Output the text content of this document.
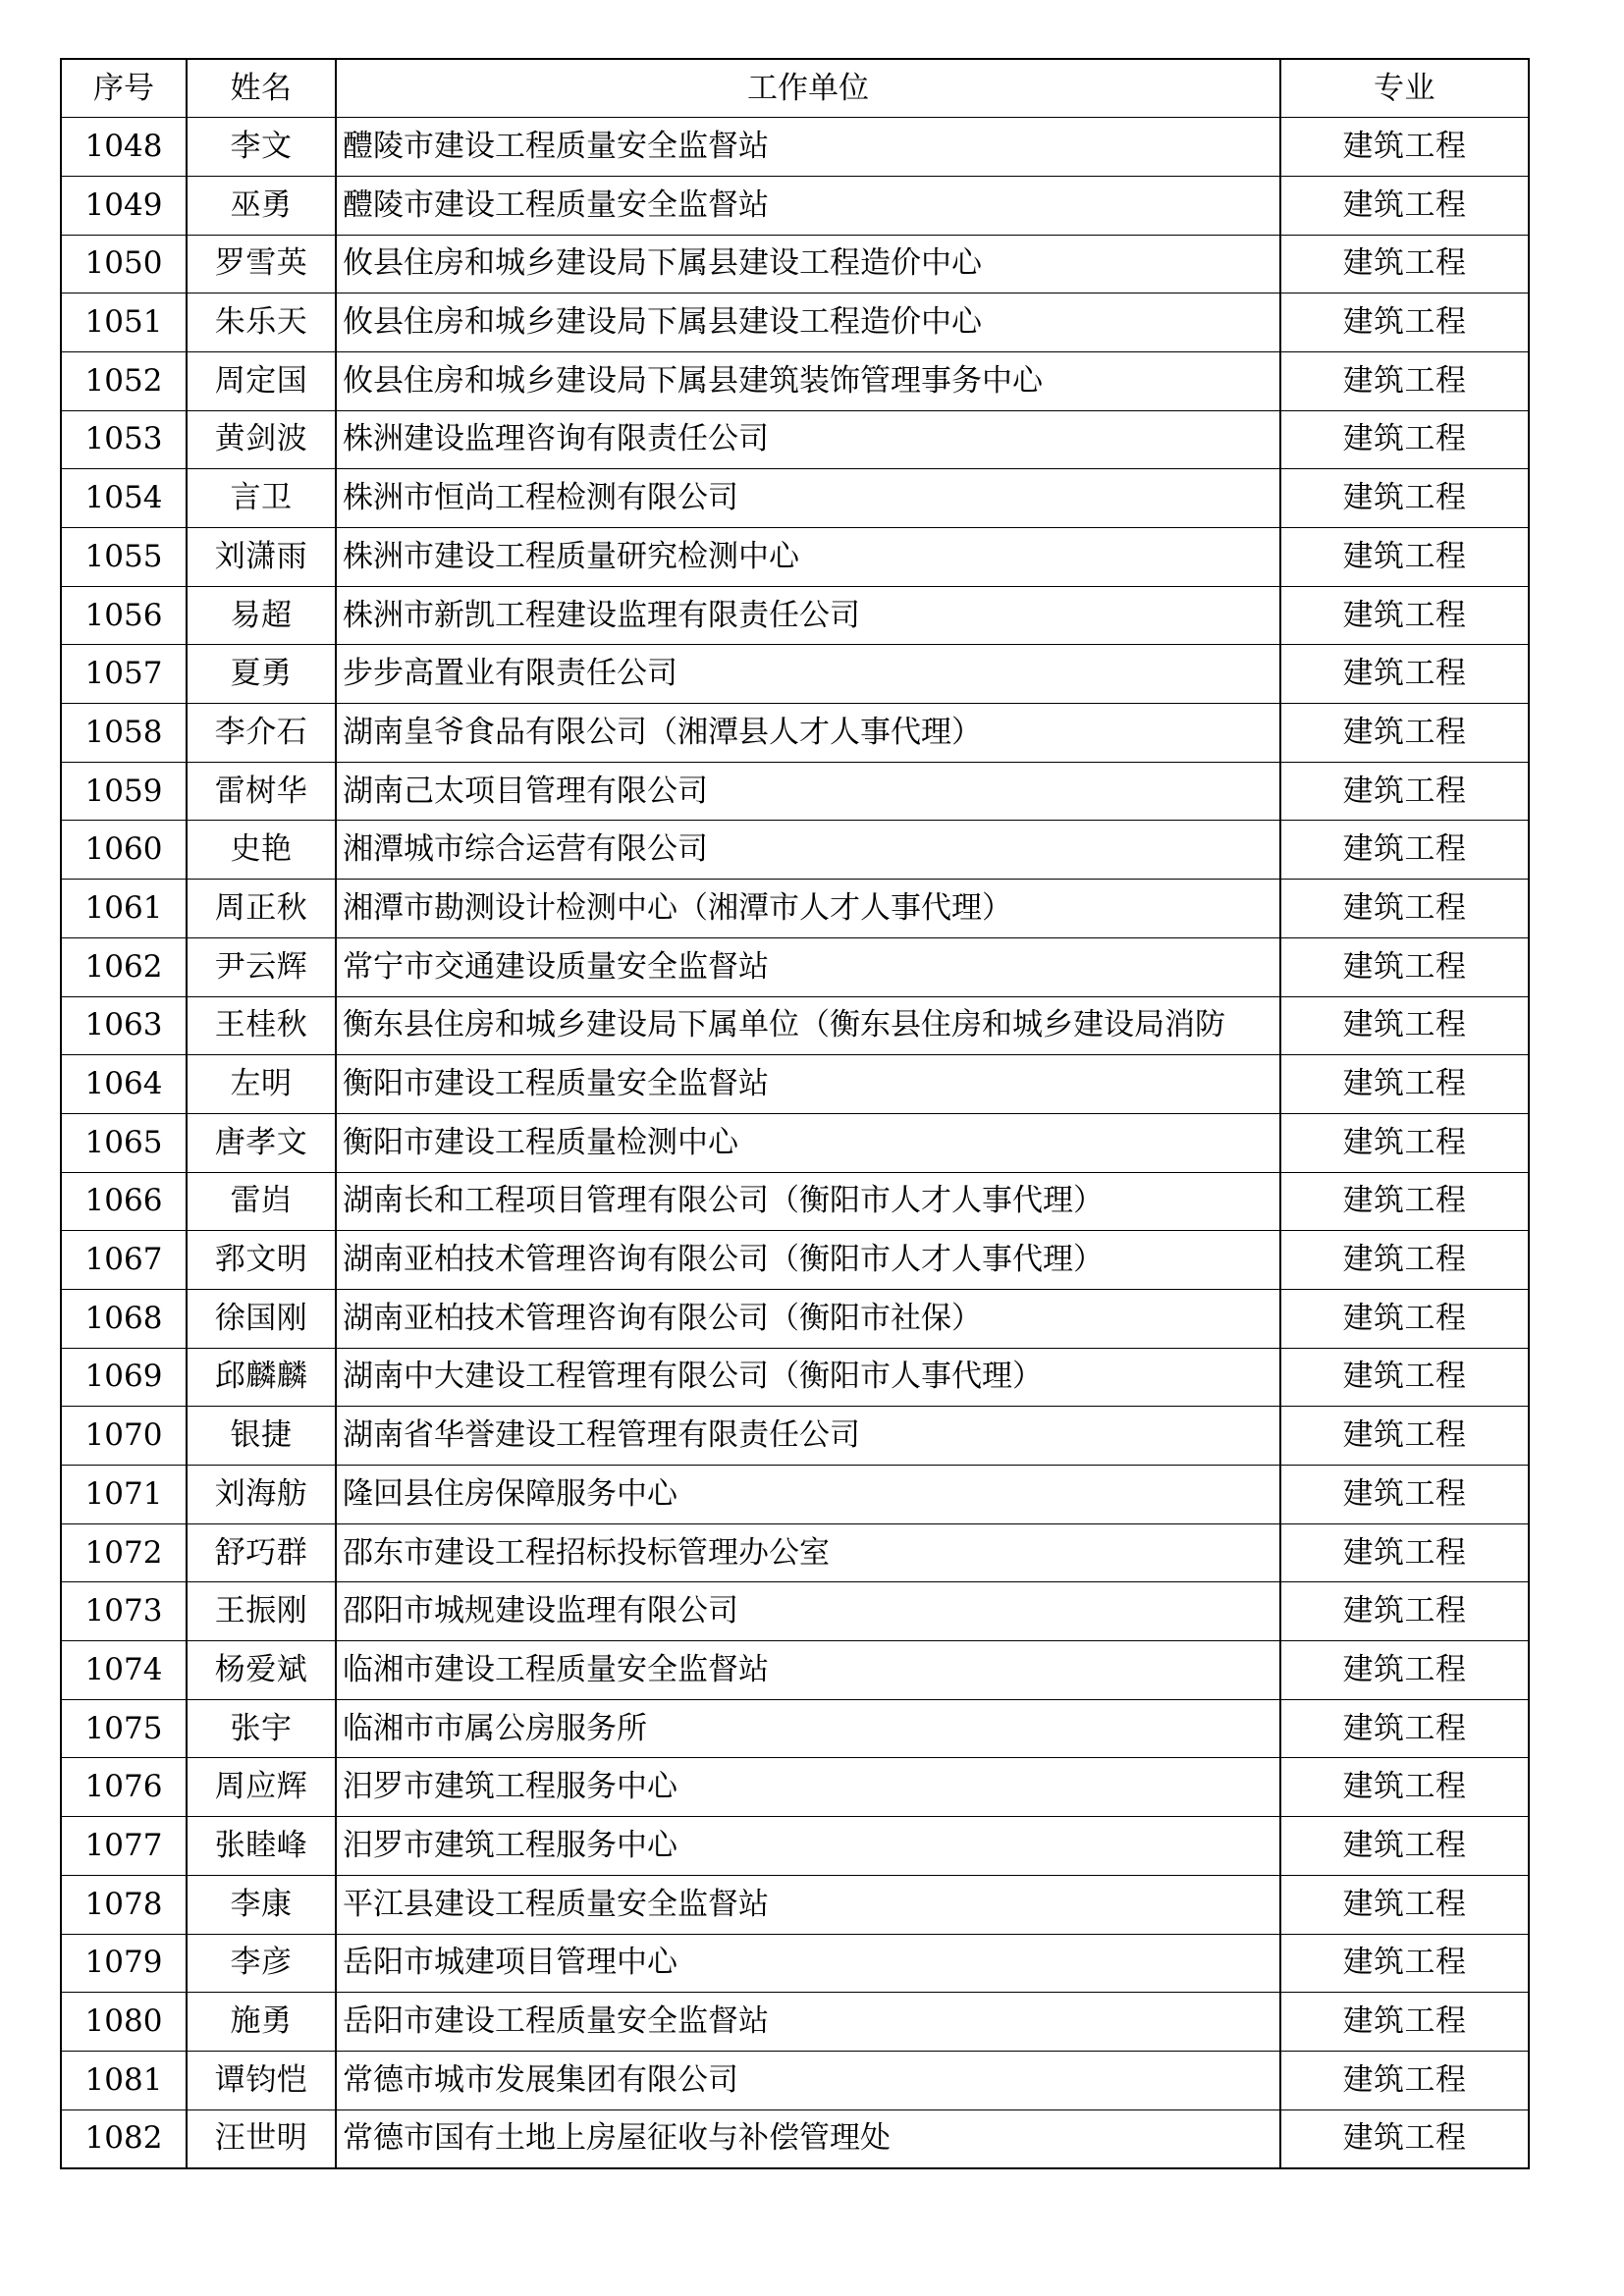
序号	姓名	工作单位	专业
1048	李文	醴陵市建设工程质量安全监督站	建筑工程
1049	巫勇	醴陵市建设工程质量安全监督站	建筑工程
1050	罗雪英	攸县住房和城乡建设局下属县建设工程造价中心	建筑工程
1051	朱乐天	攸县住房和城乡建设局下属县建设工程造价中心	建筑工程
1052	周定国	攸县住房和城乡建设局下属县建筑装饰管理事务中心	建筑工程
1053	黄剑波	株洲建设监理咨询有限责任公司	建筑工程
1054	言卫	株洲市恒尚工程检测有限公司	建筑工程
1055	刘潇雨	株洲市建设工程质量研究检测中心	建筑工程
1056	易超	株洲市新凯工程建设监理有限责任公司	建筑工程
1057	夏勇	步步高置业有限责任公司	建筑工程
1058	李介石	湖南皇爷食品有限公司（湘潭县人才人事代理）	建筑工程
1059	雷树华	湖南己太项目管理有限公司	建筑工程
1060	史艳	湘潭城市综合运营有限公司	建筑工程
1061	周正秋	湘潭市勘测设计检测中心（湘潭市人才人事代理）	建筑工程
1062	尹云辉	常宁市交通建设质量安全监督站	建筑工程
1063	王桂秋	衡东县住房和城乡建设局下属单位（衡东县住房和城乡建设局消防	建筑工程
1064	左明	衡阳市建设工程质量安全监督站	建筑工程
1065	唐孝文	衡阳市建设工程质量检测中心	建筑工程
1066	雷岿	湖南长和工程项目管理有限公司（衡阳市人才人事代理）	建筑工程
1067	郛文明	湖南亚柏技术管理咨询有限公司（衡阳市人才人事代理）	建筑工程
1068	徐国刚	湖南亚柏技术管理咨询有限公司（衡阳市社保）	建筑工程
1069	邱麟麟	湖南中大建设工程管理有限公司（衡阳市人事代理）	建筑工程
1070	银捷	湖南省华誉建设工程管理有限责任公司	建筑工程
1071	刘海舫	隆回县住房保障服务中心	建筑工程
1072	舒巧群	邵东市建设工程招标投标管理办公室	建筑工程
1073	王振刚	邵阳市城规建设监理有限公司	建筑工程
1074	杨爱斌	临湘市建设工程质量安全监督站	建筑工程
1075	张宇	临湘市市属公房服务所	建筑工程
1076	周应辉	汨罗市建筑工程服务中心	建筑工程
1077	张睦峰	汨罗市建筑工程服务中心	建筑工程
1078	李康	平江县建设工程质量安全监督站	建筑工程
1079	李彦	岳阳市城建项目管理中心	建筑工程
1080	施勇	岳阳市建设工程质量安全监督站	建筑工程
1081	谭钧恺	常德市城市发展集团有限公司	建筑工程
1082	汪世明	常德市国有土地上房屋征收与补偿管理处	建筑工程
